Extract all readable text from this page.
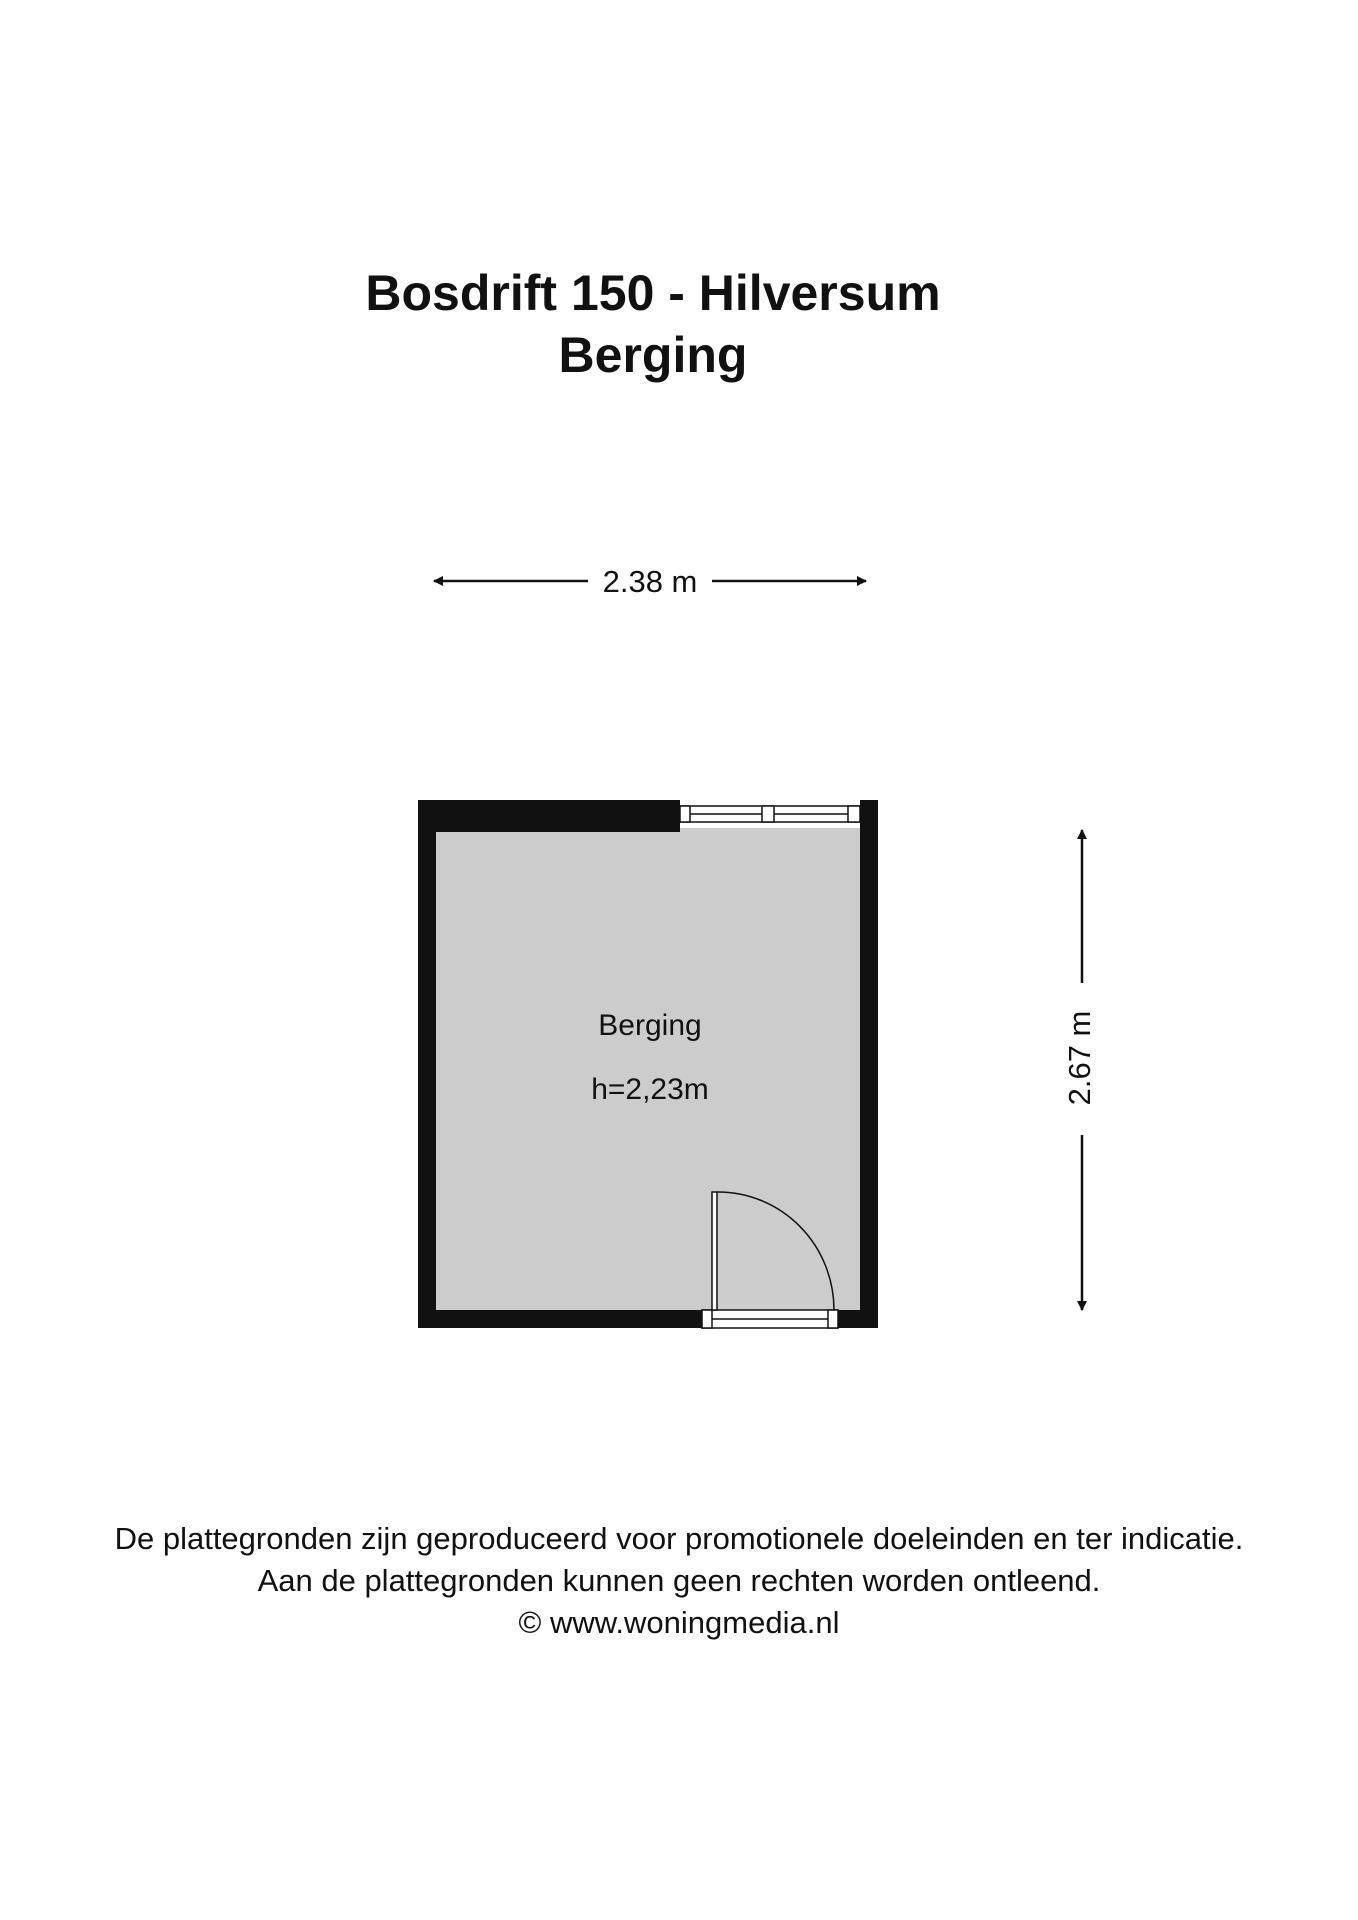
Bosdrift 150 - Hilversum
Berging
2.38 m
2.67 m
Berging
h=2,23m
De plattegronden zijn geproduceerd voor promotionele doeleinden en ter indicatie.
Aan de plattegronden kunnen geen rechten worden ontleend.
© www.woningmedia.nl
